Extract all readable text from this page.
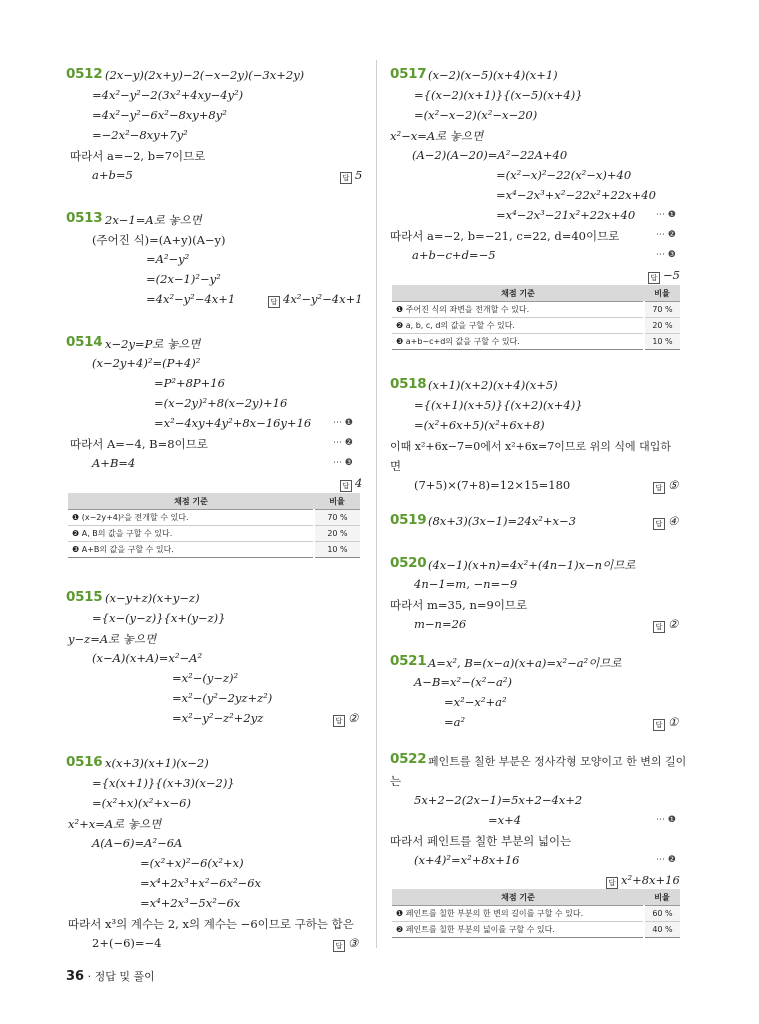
0512 (2x−y)(2x+y)−2(−x−2y)(−3x+2y)
=4x²−y²−2(3x²+4xy−4y²)
=4x²−y²−6x²−8xy+8y²
=−2x²−8xy+7y²
따라서 a=−2, b=7이므로
a+b=5	답 5
0513 2x−1=A로 놓으면
(주어진 식)=(A+y)(A−y)
=A²−y²
=(2x−1)²−y²
=4x²−y²−4x+1	답 4x²−y²−4x+1
0514 x−2y=P로 놓으면
(x−2y+4)²=(P+4)²
=P²+8P+16
=(x−2y)²+8(x−2y)+16
=x²−4xy+4y²+8x−16y+16 ⋯ ❶
따라서 A=−4, B=8이므로	⋯ ❷
A+B=4	⋯ ❸
답 4
채점 기준	비율
❶ (x−2y+4)²을 전개할 수 있다.	70 %
❷ A, B의 값을 구할 수 있다.	20 %
❸ A+B의 값을 구할 수 있다.	10 %
0515 (x−y+z)(x+y−z)
={x−(y−z)}{x+(y−z)}
y−z=A로 놓으면
(x−A)(x+A)=x²−A²
=x²−(y−z)²
=x²−(y²−2yz+z²)
=x²−y²−z²+2yz	답 ②
0516 x(x+3)(x+1)(x−2)
={x(x+1)}{(x+3)(x−2)}
=(x²+x)(x²+x−6)
x²+x=A로 놓으면
A(A−6)=A²−6A
=(x²+x)²−6(x²+x)
=x⁴+2x³+x²−6x²−6x
=x⁴+2x³−5x²−6x
따라서 x³의 계수는 2, x의 계수는 −6이므로 구하는 합은
2+(−6)=−4	답 ③
0517 (x−2)(x−5)(x+4)(x+1)
={(x−2)(x+1)}{(x−5)(x+4)}
=(x²−x−2)(x²−x−20)
x²−x=A로 놓으면
(A−2)(A−20)=A²−22A+40
=(x²−x)²−22(x²−x)+40
=x⁴−2x³+x²−22x²+22x+40
=x⁴−2x³−21x²+22x+40 ⋯ ❶
따라서 a=−2, b=−21, c=22, d=40이므로	⋯ ❷
a+b−c+d=−5	⋯ ❸
답 −5
채점 기준	비율
❶ 주어진 식의 좌변을 전개할 수 있다.	70 %
❷ a, b, c, d의 값을 구할 수 있다.	20 %
❸ a+b−c+d의 값을 구할 수 있다.	10 %
0518 (x+1)(x+2)(x+4)(x+5)
={(x+1)(x+5)}{(x+2)(x+4)}
=(x²+6x+5)(x²+6x+8)
이때 x²+6x−7=0에서 x²+6x=7이므로 위의 식에 대입하
면
(7+5)×(7+8)=12×15=180	답 ⑤
0519 (8x+3)(3x−1)=24x²+x−3	답 ④
0520 (4x−1)(x+n)=4x²+(4n−1)x−n이므로
4n−1=m, −n=−9
따라서 m=35, n=9이므로
m−n=26	답 ②
0521 A=x², B=(x−a)(x+a)=x²−a²이므로
A−B=x²−(x²−a²)
=x²−x²+a²
=a²	답 ①
0522 페인트를 칠한 부분은 정사각형 모양이고 한 변의 길이
는
5x+2−2(2x−1)=5x+2−4x+2
=x+4	⋯ ❶
따라서 페인트를 칠한 부분의 넓이는
(x+4)²=x²+8x+16	⋯ ❷
답 x²+8x+16
채점 기준	비율
❶ 페인트를 칠한 부분의 한 변의 길이를 구할 수 있다.	60 %
❷ 페인트를 칠한 부분의 넓이를 구할 수 있다.	40 %
36 · 정답 및 풀이
